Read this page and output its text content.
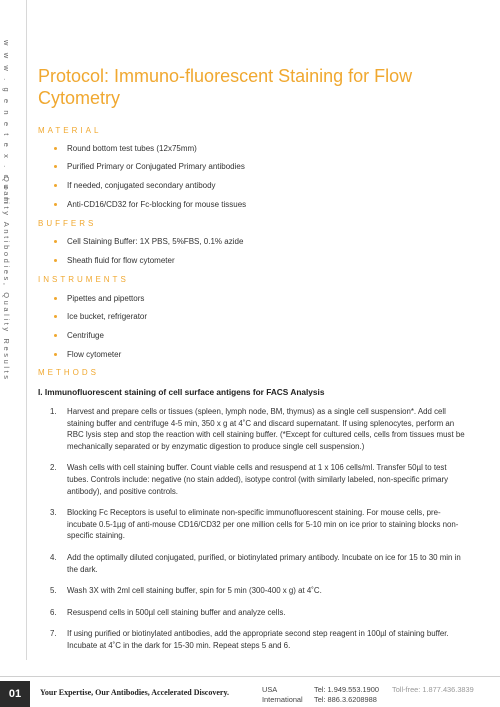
w w w . g e n e t e x . c o m
Quality Antibodies, Quality Results
Protocol: Immuno-fluorescent Staining for Flow Cytometry
MATERIAL
Round bottom test tubes (12x75mm)
Purified Primary or Conjugated Primary antibodies
If needed, conjugated secondary antibody
Anti-CD16/CD32 for Fc-blocking for mouse tissues
BUFFERS
Cell Staining Buffer: 1X PBS, 5%FBS, 0.1% azide
Sheath fluid for flow cytometer
INSTRUMENTS
Pipettes and pipettors
Ice bucket, refrigerator
Centrifuge
Flow cytometer
METHODS
I. Immunofluorescent staining of cell surface antigens for FACS Analysis
1. Harvest and prepare cells or tissues (spleen, lymph node, BM, thymus) as a single cell suspension*. Add cell staining buffer and centrifuge 4-5 min, 350 x g at 4˚C and discard supernatant. If using splenocytes, perform an RBC lysis step and stop the reaction with cell staining buffer. (*Except for cultured cells, cells from tissues must be mechanically separated or by enzymatic digestion to produce single cell suspension.)
2. Wash cells with cell staining buffer. Count viable cells and resuspend at 1 x 106 cells/ml. Transfer 50µl to test tubes. Controls include: negative (no stain added), isotype control (with similarly labeled, non-specific primary antibody), and positive controls.
3. Blocking Fc Receptors is useful to eliminate non-specific immunofluorescent staining. For mouse cells, pre-incubate 0.5-1µg of anti-mouse CD16/CD32 per one million cells for 5-10 min on ice prior to staining blocks non-specific staining.
4. Add the optimally diluted conjugated, purified, or biotinylated primary antibody. Incubate on ice for 15 to 30 min in the dark.
5. Wash 3X with 2ml cell staining buffer, spin for 5 min (300-400 x g) at 4˚C.
6. Resuspend cells in 500µl cell staining buffer and analyze cells.
7. If using purified or biotinylated antibodies, add the appropriate second step reagent in 100µl of staining buffer. Incubate at 4˚C in the dark for 15-30 min. Repeat steps 5 and 6.
01	Your Expertise, Our Antibodies, Accelerated Discovery.	USA
International
Tel: 1.949.553.1900 Toll-free: 1.877.436.3839
Tel: 886.3.6208988
